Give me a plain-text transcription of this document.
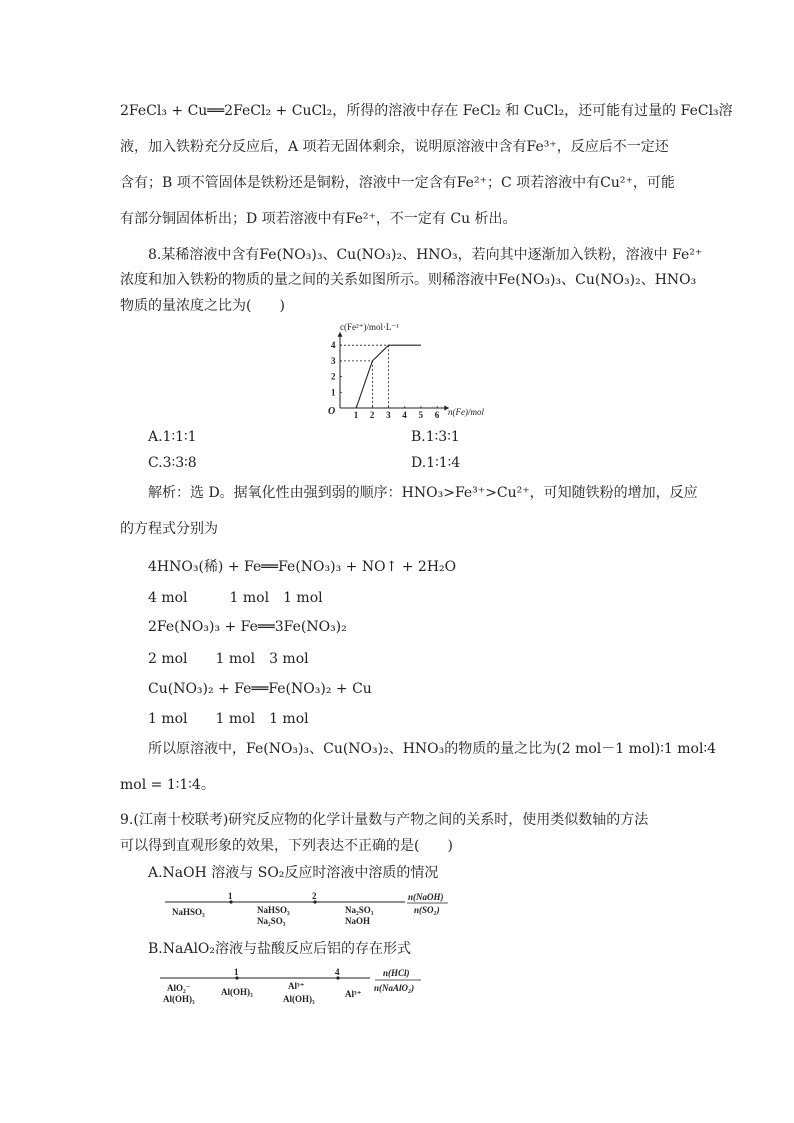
2FeCl₃ + Cu══2FeCl₂ + CuCl₂，所得的溶液中存在 FeCl₂ 和 CuCl₂，还可能有过量的 FeCl₃溶
液，加入铁粉充分反应后，A 项若无固体剩余，说明原溶液中含有Fe³⁺，反应后不一定还
含有；B 项不管固体是铁粉还是铜粉，溶液中一定含有Fe²⁺；C 项若溶液中有Cu²⁺，可能
有部分铜固体析出；D 项若溶液中有Fe²⁺，不一定有 Cu 析出。
8.某稀溶液中含有Fe(NO₃)₃、Cu(NO₃)₂、HNO₃，若向其中逐渐加入铁粉，溶液中 Fe²⁺
浓度和加入铁粉的物质的量之间的关系如图所示。则稀溶液中Fe(NO₃)₃、Cu(NO₃)₂、HNO₃
物质的量浓度之比为(　　)
c(Fe²⁺)/mol·L⁻¹
O 1 2 3 4 5 6
1
2
3
4
n(Fe)/mol
A.1∶1∶1	B.1∶3∶1
C.3∶3∶8	D.1∶1∶4
解析：选 D。据氧化性由强到弱的顺序：HNO₃>Fe³⁺>Cu²⁺，可知随铁粉的增加，反应
的方程式分别为
4HNO₃(稀) + Fe══Fe(NO₃)₃ + NO↑ + 2H₂O
4 mol　　　1 mol　1 mol
2Fe(NO₃)₃ + Fe══3Fe(NO₃)₂
2 mol　　1 mol　3 mol
Cu(NO₃)₂ + Fe══Fe(NO₃)₂ + Cu
1 mol　　1 mol　1 mol
所以原溶液中，Fe(NO₃)₃、Cu(NO₃)₂、HNO₃的物质的量之比为(2 mol－1 mol)∶1 mol∶4
mol = 1∶1∶4。
9.(江南十校联考)研究反应物的化学计量数与产物之间的关系时，使用类似数轴的方法
可以得到直观形象的效果，下列表达不正确的是(　　)
A.NaOH 溶液与 SO₂反应时溶液中溶质的情况
1	2
NaHSO₃	NaHSO₃
Na₂SO₃
Na₂SO₃
NaOH
n(NaOH)
n(SO₂)
B.NaAlO₂溶液与盐酸反应后铝的存在形式
1	4
AlO₂⁻
Al(OH)₃
Al(OH)₃
Al³⁺
Al(OH)₃	Al³⁺
n(HCl)
n(NaAlO₂)
